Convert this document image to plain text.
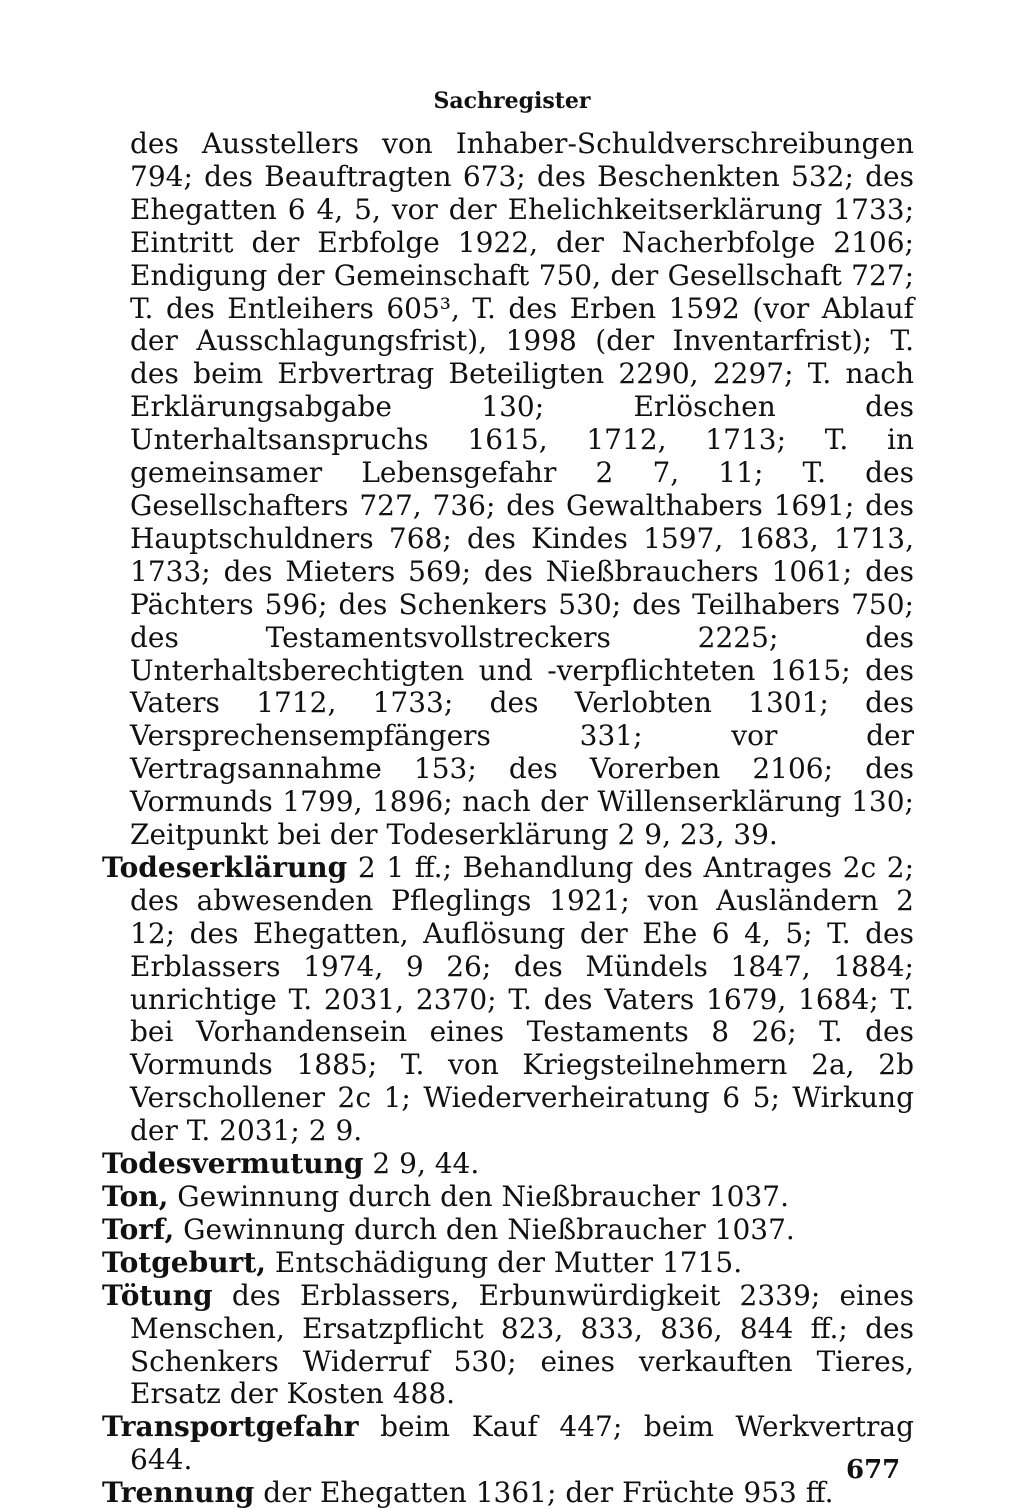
Sachregister

des Ausstellers von Inhaber-Schuldverschreibungen 794; des Beauftragten 673; des Beschenkten 532; des Ehegatten 6 4, 5, vor der Ehelichkeitserklärung 1733; Eintritt der Erbfolge 1922, der Nacherbfolge 2106; Endigung der Gemeinschaft 750, der Gesellschaft 727; T. des Entleihers 605³, T. des Erben 1592 (vor Ablauf der Ausschlagungsfrist), 1998 (der Inventarfrist); T. des beim Erbvertrag Beteiligten 2290, 2297; T. nach Erklärungsabgabe 130; Erlöschen des Unterhaltsanspruchs 1615, 1712, 1713; T. in gemeinsamer Lebensgefahr 2 7, 11; T. des Gesellschafters 727, 736; des Gewalthabers 1691; des Hauptschuldners 768; des Kindes 1597, 1683, 1713, 1733; des Mieters 569; des Nießbrauchers 1061; des Pächters 596; des Schenkers 530; des Teilhabers 750; des Testamentsvollstreckers 2225; des Unterhaltsberechtigten und -verpflichteten 1615; des Vaters 1712, 1733; des Verlobten 1301; des Versprechensempfängers 331; vor der Vertragsannahme 153; des Vorerben 2106; des Vormunds 1799, 1896; nach der Willenserklärung 130; Zeitpunkt bei der Todeserklärung 2 9, 23, 39.

Todeserklärung 2 1 ff.; Behandlung des Antrages 2c 2; des abwesenden Pfleglings 1921; von Ausländern 2 12; des Ehegatten, Auflösung der Ehe 6 4, 5; T. des Erblassers 1974, 9 26; des Mündels 1847, 1884; unrichtige T. 2031, 2370; T. des Vaters 1679, 1684; T. bei Vorhandensein eines Testaments 8 26; T. des Vormunds 1885; T. von Kriegsteilnehmern 2a, 2b Verschollener 2c 1; Wiederverheiratung 6 5; Wirkung der T. 2031; 2 9.

Todesvermutung 2 9, 44.

Ton, Gewinnung durch den Nießbraucher 1037.

Torf, Gewinnung durch den Nießbraucher 1037.

Totgeburt, Entschädigung der Mutter 1715.

Tötung des Erblassers, Erbunwürdigkeit 2339; eines Menschen, Ersatzpflicht 823, 833, 836, 844 ff.; des Schenkers Widerruf 530; eines verkauften Tieres, Ersatz der Kosten 488.

Transportgefahr beim Kauf 447; beim Werkvertrag 644.

Trennung der Ehegatten 1361; der Früchte 953 ff.

677
